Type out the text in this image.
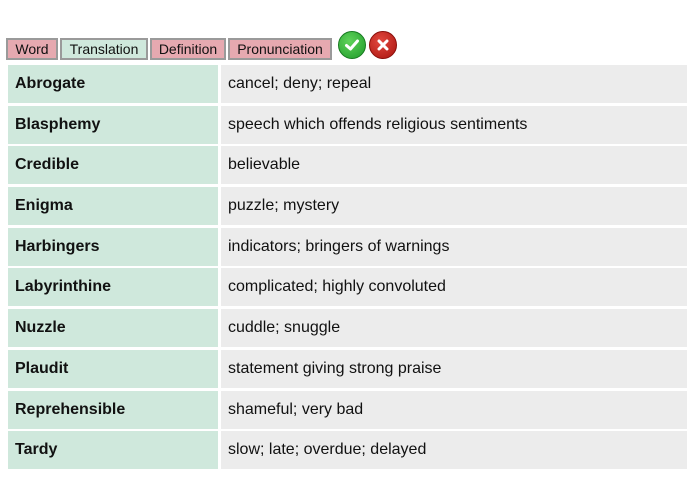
Word	Translation	Definition	Pronunciation
Abrogate	cancel; deny; repeal
Blasphemy	speech which offends religious sentiments
Credible	believable
Enigma	puzzle; mystery
Harbingers	indicators; bringers of warnings
Labyrinthine	complicated; highly convoluted
Nuzzle	cuddle; snuggle
Plaudit	statement giving strong praise
Reprehensible	shameful; very bad
Tardy	slow; late; overdue; delayed
